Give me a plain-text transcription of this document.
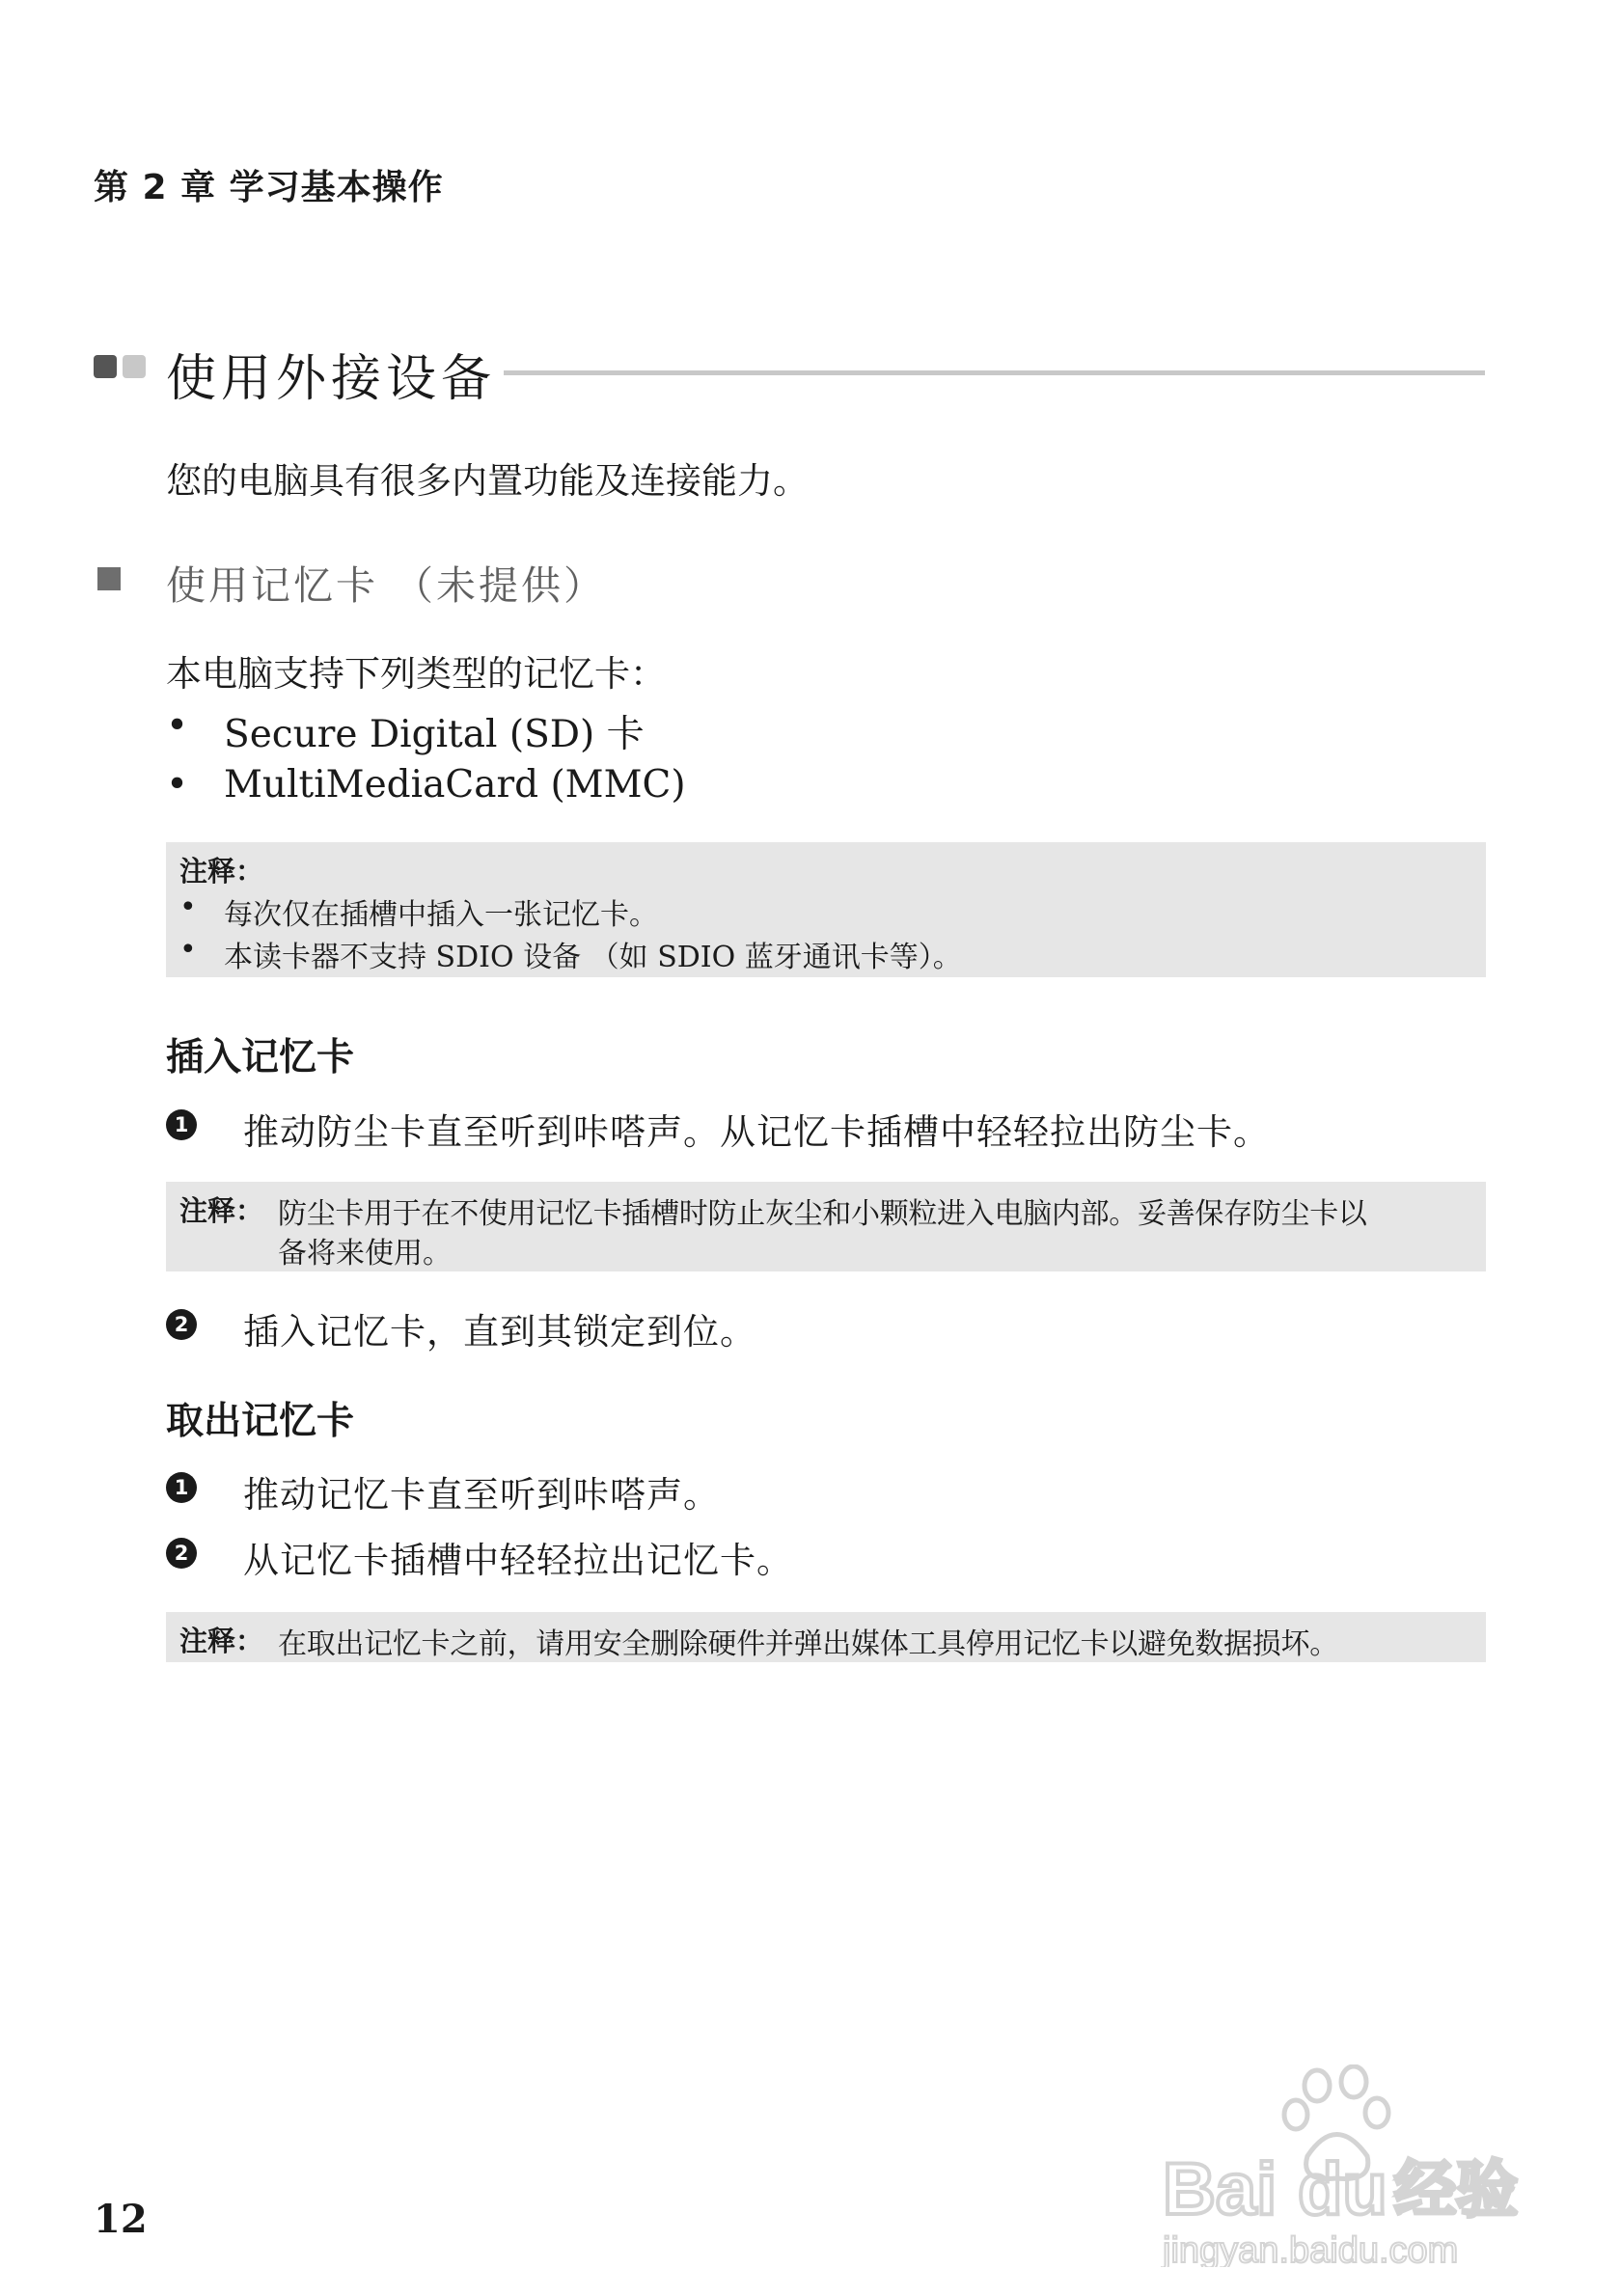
第 2 章 学习基本操作
使用外接设备
您的电脑具有很多内置功能及连接能力。
使用记忆卡 （未提供）
本电脑支持下列类型的记忆卡：
• Secure Digital (SD) 卡
• MultiMediaCard (MMC)
注释：
• 每次仅在插槽中插入一张记忆卡。
• 本读卡器不支持 SDIO 设备 （如 SDIO 蓝牙通讯卡等）。
插入记忆卡
1 推动防尘卡直至听到咔嗒声。从记忆卡插槽中轻轻拉出防尘卡。
注释： 防尘卡用于在不使用记忆卡插槽时防止灰尘和小颗粒进入电脑内部。妥善保存防尘卡以
备将来使用。
2 插入记忆卡，直到其锁定到位。
取出记忆卡
1 推动记忆卡直至听到咔嗒声。
2 从记忆卡插槽中轻轻拉出记忆卡。
注释： 在取出记忆卡之前，请用安全删除硬件并弹出媒体工具停用记忆卡以避免数据损坏。
12	Bai du 经验
jingyan.baidu.com
